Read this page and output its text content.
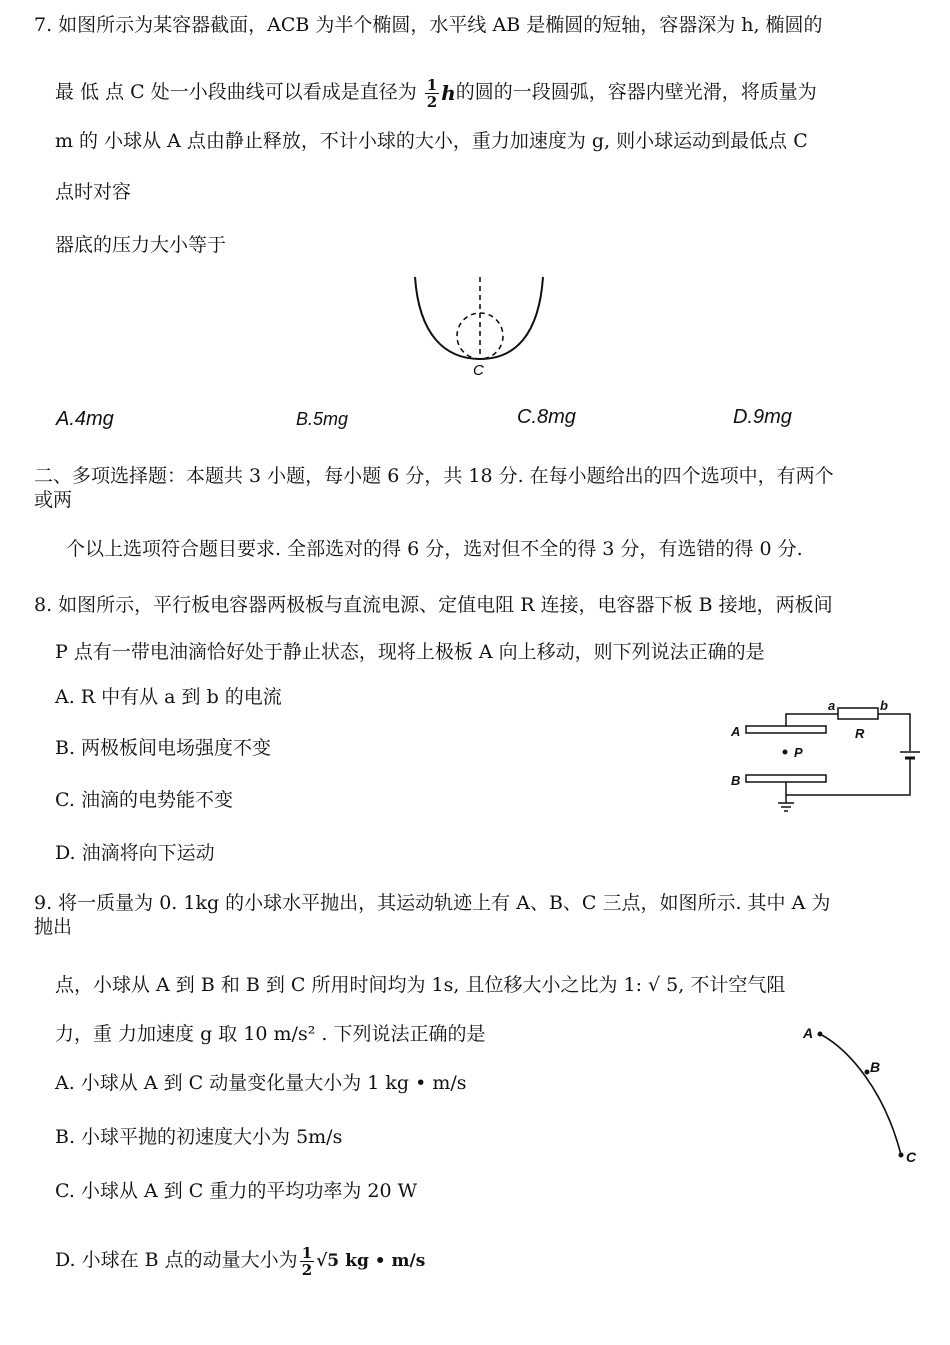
7. 如图所示为某容器截面，ACB 为半个椭圆，水平线 AB 是椭圆的短轴，容器深为 h, 椭圆的
最 低 点 C 处一小段曲线可以看成是直径为 $\frac{1}{2}$ h的圆的一段圆弧，容器内壁光滑，将质量为
m 的 小球从 A 点由静止释放，不计小球的大小，重力加速度为 g, 则小球运动到最低点 C
点时对容
器底的压力大小等于
C
A.4mg	B.5mg	C.8mg	D.9mg
二、多项选择题：本题共 3 小题，每小题 6 分，共 18 分. 在每小题给出的四个选项中，有两个
或两
个以上选项符合题目要求. 全部选对的得 6 分，选对但不全的得 3 分，有选错的得 0 分.
8. 如图所示，平行板电容器两极板与直流电源、定值电阻 R 连接，电容器下板 B 接地，两板间
P 点有一带电油滴恰好处于静止状态，现将上极板 A 向上移动，则下列说法正确的是
A. R 中有从 a 到 b 的电流
B. 两极板间电场强度不变
C. 油滴的电势能不变
D. 油滴将向下运动
A
B
P
R
a	b
9. 将一质量为 0. 1kg 的小球水平抛出，其运动轨迹上有 A、B、C 三点，如图所示. 其中 A 为
抛出
点，小球从 A 到 B 和 B 到 C 所用时间均为 1s, 且位移大小之比为 1: √ 5, 不计空气阻
力，重 力加速度 g 取 10 m/s² . 下列说法正确的是
A. 小球从 A 到 C 动量变化量大小为 1 kg • m/s
B. 小球平抛的初速度大小为 5m/s
C. 小球从 A 到 C 重力的平均功率为 20 W
D. 小球在 B 点的动量大小为 $\frac{1}{2} √5$ kg • m/s
A
B
C
